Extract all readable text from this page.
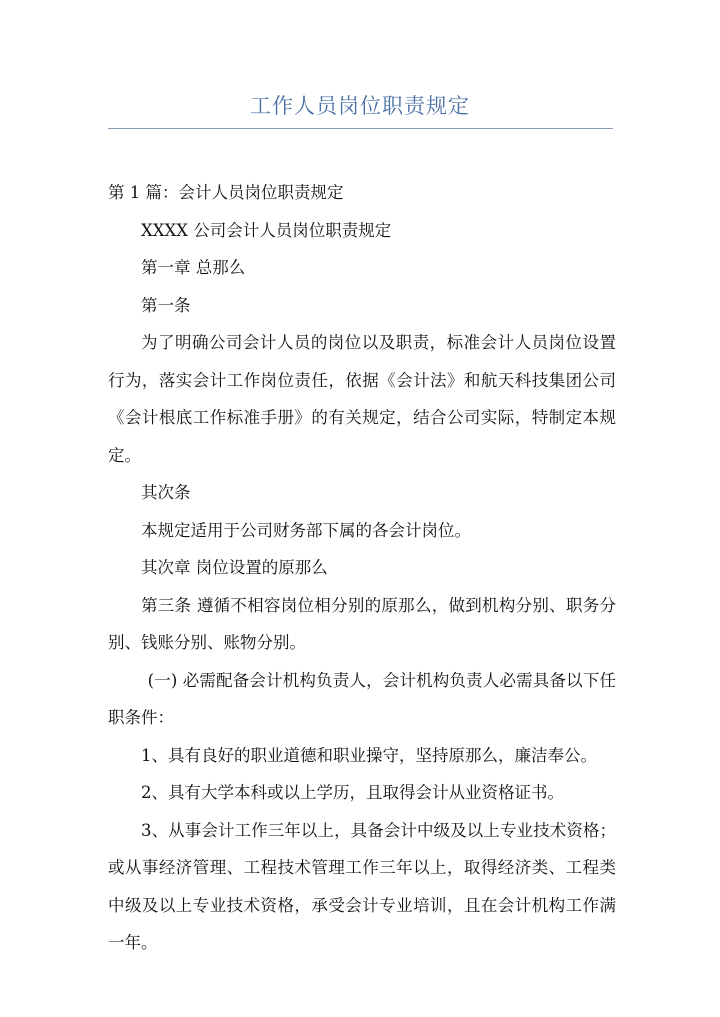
工作人员岗位职责规定

第 1 篇：会计人员岗位职责规定

XXXX 公司会计人员岗位职责规定

第一章 总那么

第一条

为了明确公司会计人员的岗位以及职责，标准会计人员岗位设置行为，落实会计工作岗位责任，依据《会计法》和航天科技集团公司《会计根底工作标准手册》的有关规定，结合公司实际，特制定本规定。

其次条

本规定适用于公司财务部下属的各会计岗位。

其次章 岗位设置的原那么

第三条 遵循不相容岗位相分别的原那么，做到机构分别、职务分别、钱账分别、账物分别。

(一) 必需配备会计机构负责人，会计机构负责人必需具备以下任职条件：

1、具有良好的职业道德和职业操守，坚持原那么，廉洁奉公。

2、具有大学本科或以上学历，且取得会计从业资格证书。

3、从事会计工作三年以上，具备会计中级及以上专业技术资格；或从事经济管理、工程技术管理工作三年以上，取得经济类、工程类中级及以上专业技术资格，承受会计专业培训，且在会计机构工作满一年。
